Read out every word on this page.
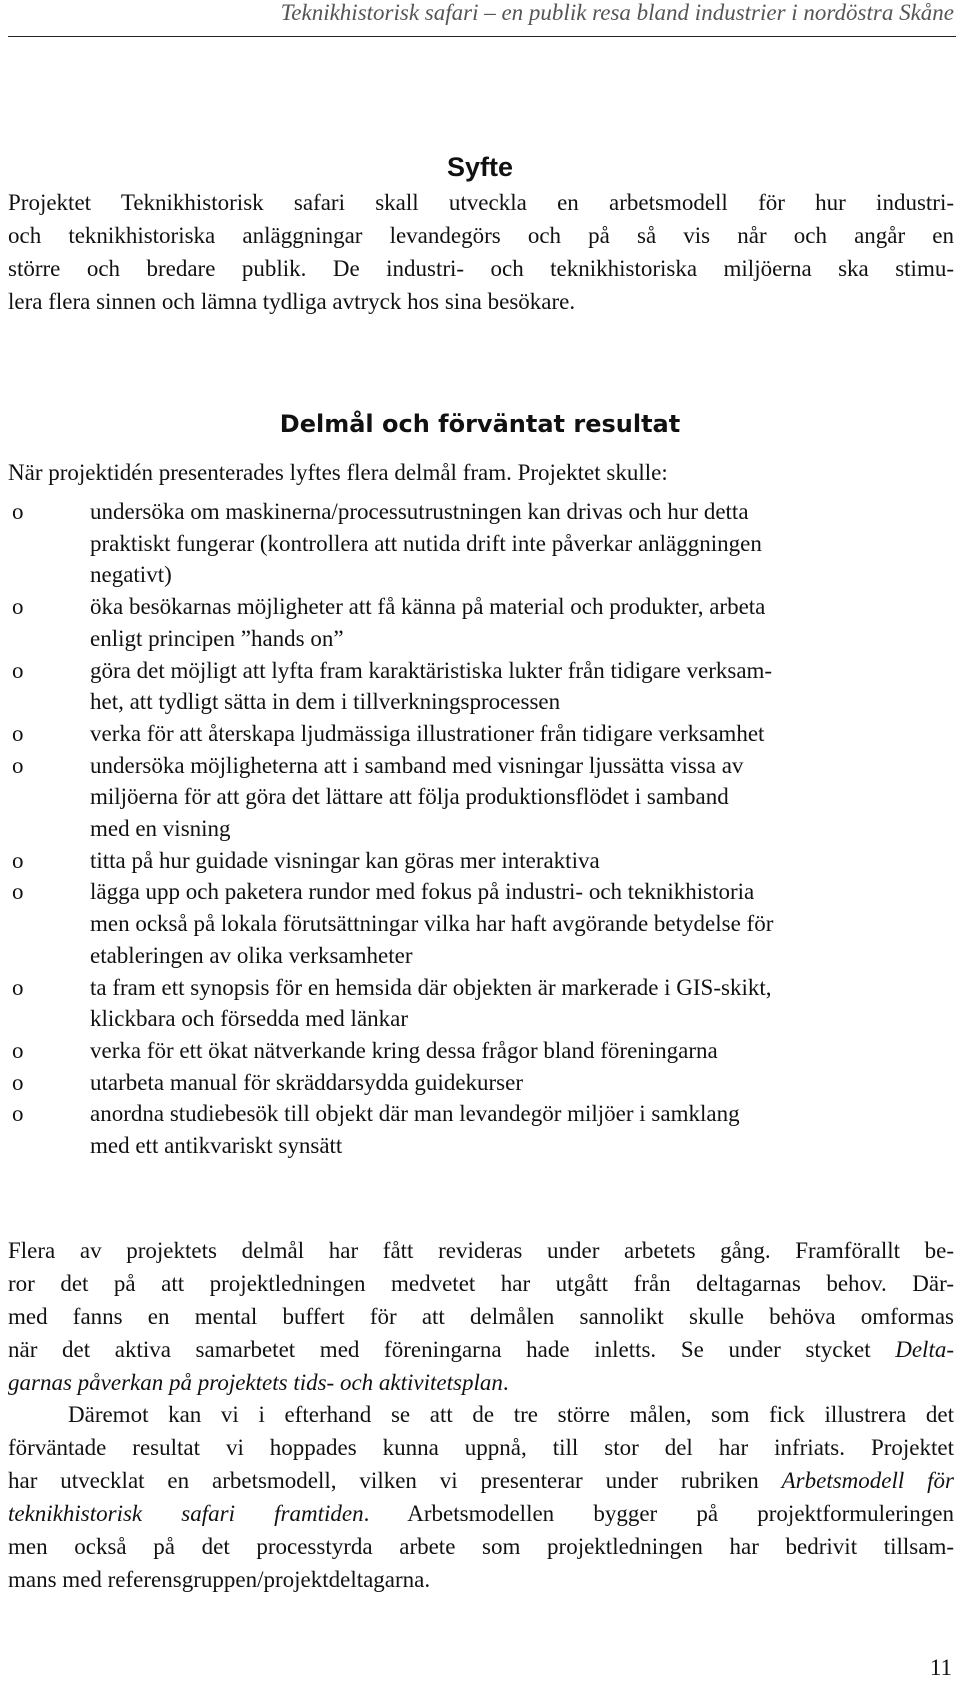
Teknikhistorisk safari – en publik resa bland industrier i nordöstra Skåne
Syfte
Projektet Teknikhistorisk safari skall utveckla en arbetsmodell för hur industri-
och teknikhistoriska anläggningar levandegörs och på så vis når och angår en
större och bredare publik. De industri- och teknikhistoriska miljöerna ska stimu-
lera flera sinnen och lämna tydliga avtryck hos sina besökare.
Delmål och förväntat resultat
När projektidén presenterades lyftes flera delmål fram. Projektet skulle:
o	undersöka om maskinerna/processutrustningen kan drivas och hur detta
praktiskt fungerar (kontrollera att nutida drift inte påverkar anläggningen
negativt)
o	öka besökarnas möjligheter att få känna på material och produkter, arbeta
enligt principen ”hands on”
o	göra det möjligt att lyfta fram karaktäristiska lukter från tidigare verksam-
het, att tydligt sätta in dem i tillverkningsprocessen
o	verka för att återskapa ljudmässiga illustrationer från tidigare verksamhet
o	undersöka möjligheterna att i samband med visningar ljussätta vissa av
miljöerna för att göra det lättare att följa produktionsflödet i samband
med en visning
o	titta på hur guidade visningar kan göras mer interaktiva
o	lägga upp och paketera rundor med fokus på industri- och teknikhistoria
men också på lokala förutsättningar vilka har haft avgörande betydelse för
etableringen av olika verksamheter
o	ta fram ett synopsis för en hemsida där objekten är markerade i GIS-skikt,
klickbara och försedda med länkar
o	verka för ett ökat nätverkande kring dessa frågor bland föreningarna
o	utarbeta manual för skräddarsydda guidekurser
o	anordna studiebesök till objekt där man levandegör miljöer i samklang
med ett antikvariskt synsätt
Flera av projektets delmål har fått revideras under arbetets gång. Framförallt be-
ror det på att projektledningen medvetet har utgått från deltagarnas behov. Där-
med fanns en mental buffert för att delmålen sannolikt skulle behöva omformas
när det aktiva samarbetet med föreningarna hade inletts. Se under stycket Delta-
garnas påverkan på projektets tids- och aktivitetsplan.
Däremot kan vi i efterhand se att de tre större målen, som fick illustrera det
förväntade resultat vi hoppades kunna uppnå, till stor del har infriats. Projektet
har utvecklat en arbetsmodell, vilken vi presenterar under rubriken Arbetsmodell för
teknikhistorisk safari framtiden. Arbetsmodellen bygger på projektformuleringen
men också på det processtyrda arbete som projektledningen har bedrivit tillsam-
mans med referensgruppen/projektdeltagarna.
11
